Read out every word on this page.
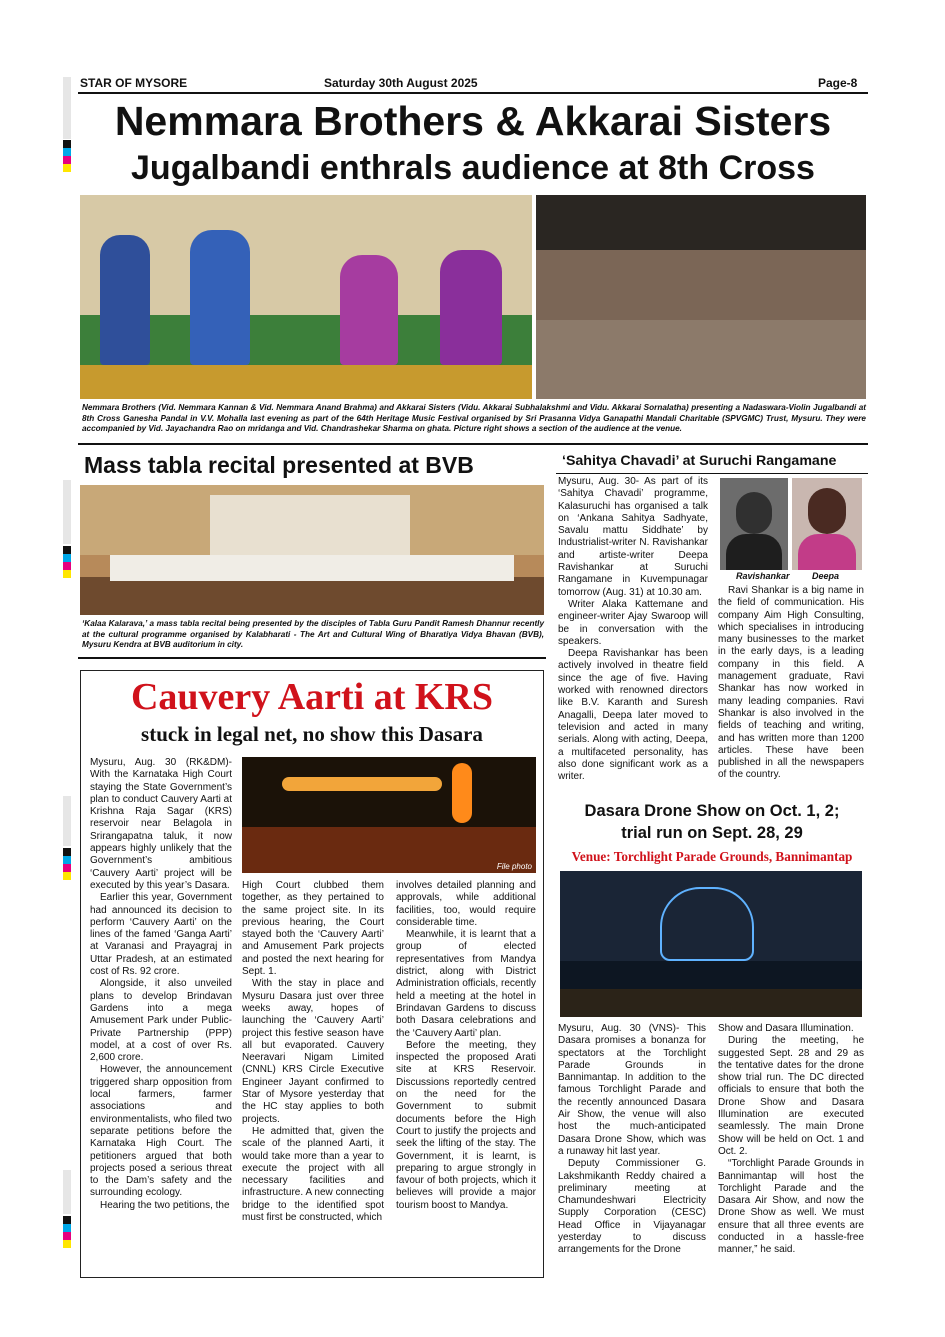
STAR OF MYSORE	Saturday 30th August 2025	Page-8
Nemmara Brothers & Akkarai Sisters
Jugalbandi enthrals audience at 8th Cross
Nemmara Brothers (Vid. Nemmara Kannan & Vid. Nemmara Anand Brahma) and Akkarai Sisters (Vidu. Akkarai Subhalakshmi and Vidu. Akkarai Sornalatha) presenting a Nadaswara-Violin Jugalbandi at 8th Cross Ganesha Pandal in V.V. Mohalla last evening as part of the 64th Heritage Music Festival organised by Sri Prasanna Vidya Ganapathi Mandali Charitable (SPVGMC) Trust, Mysuru. They were accompanied by Vid. Jayachandra Rao on mridanga and Vid. Chandrashekar Sharma on ghata. Picture right shows a section of the audience at the venue.
Mass tabla recital presented at BVB
‘Kalaa Kalarava,’ a mass tabla recital being presented by the disciples of Tabla Guru Pandit Ramesh Dhannur recently at the cultural programme organised by Kalabharati - The Art and Cultural Wing of Bharatiya Vidya Bhavan (BVB), Mysuru Kendra at BVB auditorium in city.
‘Sahitya Chavadi’ at Suruchi Rangamane

Mysuru, Aug. 30- As part of its ‘Sahitya Chavadi’ programme, Kalasuruchi has organised a talk on ‘Ankana Sahitya Sadhyate, Savalu mattu Siddhate’ by Industrialist-writer N. Ravishankar and artiste-writer Deepa Ravishankar at Suruchi Rangamane in Kuvempunagar tomorrow (Aug. 31) at 10.30 am.

Writer Alaka Kattemane and engineer-writer Ajay Swaroop will be in conversation with the speakers.

Deepa Ravishankar has been actively involved in theatre field since the age of five. Having worked with renowned directors like B.V. Karanth and Suresh Anagalli, Deepa later moved to television and acted in many serials. Along with acting, Deepa, a multifaceted personality, has also done significant work as a writer.

Ravishankar Deepa

Ravi Shankar is a big name in the field of communication. His company Aim High Consulting, which specialises in introducing many businesses to the market in the early days, is a leading company in this field. A management graduate, Ravi Shankar has now worked in many leading companies. Ravi Shankar is also involved in the fields of teaching and writing, and has written more than 1200 articles. These have been published in all the newspapers of the country.

Cauvery Aarti at KRS
stuck in legal net, no show this Dasara

Mysuru, Aug. 30 (RK&DM)- With the Karnataka High Court staying the State Government’s plan to conduct Cauvery Aarti at Krishna Raja Sagar (KRS) reservoir near Belagola in Srirangapatna taluk, it now appears highly unlikely that the Government’s ambitious ‘Cauvery Aarti’ project will be executed by this year’s Dasara.

Earlier this year, Government had announced its decision to perform ‘Cauvery Aarti’ on the lines of the famed ‘Ganga Aarti’ at Varanasi and Prayagraj in Uttar Pradesh, at an estimated cost of Rs. 92 crore.

Alongside, it also unveiled plans to develop Brindavan Gardens into a mega Amusement Park under Public-Private Partnership (PPP) model, at a cost of over Rs. 2,600 crore.

However, the announcement triggered sharp opposition from local farmers, farmer associations and environmentalists, who filed two separate petitions before the Karnataka High Court. The petitioners argued that both projects posed a serious threat to the Dam’s safety and the surrounding ecology.

Hearing the two petitions, the

File photo

High Court clubbed them together, as they pertained to the same project site. In its previous hearing, the Court stayed both the ‘Cauvery Aarti’ and Amusement Park projects and posted the next hearing for Sept. 1.

With the stay in place and Mysuru Dasara just over three weeks away, hopes of launching the ‘Cauvery Aarti’ project this festive season have all but evaporated. Cauvery Neeravari Nigam Limited (CNNL) KRS Circle Executive Engineer Jayant confirmed to Star of Mysore yesterday that the HC stay applies to both projects.

He admitted that, given the scale of the planned Aarti, it would take more than a year to execute the project with all necessary facilities and infrastructure. A new connecting bridge to the identified spot must first be constructed, which

involves detailed planning and approvals, while additional facilities, too, would require considerable time.

Meanwhile, it is learnt that a group of elected representatives from Mandya district, along with District Administration officials, recently held a meeting at the hotel in Brindavan Gardens to discuss both Dasara celebrations and the ‘Cauvery Aarti’ plan.

Before the meeting, they inspected the proposed Arati site at KRS Reservoir. Discussions reportedly centred on the need for the Government to submit documents before the High Court to justify the projects and seek the lifting of the stay. The Government, it is learnt, is preparing to argue strongly in favour of both projects, which it believes will provide a major tourism boost to Mandya.

Dasara Drone Show on Oct. 1, 2;
trial run on Sept. 28, 29
Venue: Torchlight Parade Grounds, Bannimantap

Mysuru, Aug. 30 (VNS)- This Dasara promises a bonanza for spectators at the Torchlight Parade Grounds in Bannimantap. In addition to the famous Torchlight Parade and the recently announced Dasara Air Show, the venue will also host the much-anticipated Dasara Drone Show, which was a runaway hit last year.

Deputy Commissioner G. Lakshmikanth Reddy chaired a preliminary meeting at Chamundeshwari Electricity Supply Corporation (CESC) Head Office in Vijayanagar yesterday to discuss arrangements for the Drone

Show and Dasara Illumination.

During the meeting, he suggested Sept. 28 and 29 as the tentative dates for the drone show trial run. The DC directed officials to ensure that both the Drone Show and Dasara Illumination are executed seamlessly. The main Drone Show will be held on Oct. 1 and Oct. 2.

“Torchlight Parade Grounds in Bannimantap will host the Torchlight Parade and the Dasara Air Show, and now the Drone Show as well. We must ensure that all three events are conducted in a hassle-free manner,” he said.
